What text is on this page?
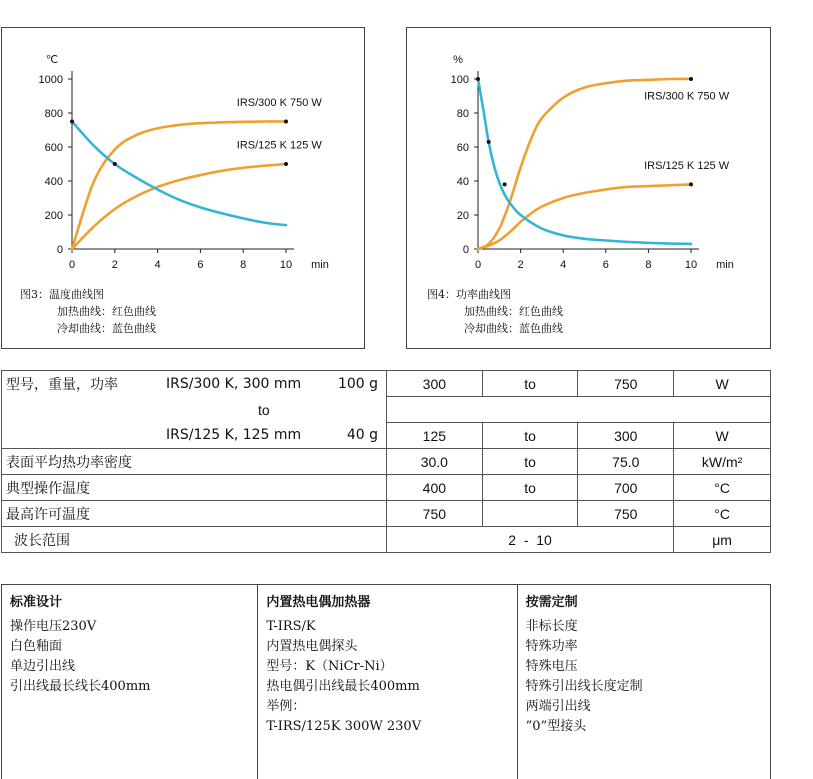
0
200
400
600
800
1000
0	2	4	6	8	10
℃
min
IRS/300 K 750 W
IRS/125 K 125 W
图3：温度曲线图
加热曲线：红色曲线
冷却曲线：蓝色曲线
0
20
40
60
80
100
0	2	4	6	8	10
%
min
IRS/300 K 750 W
IRS/125 K 125 W
图4：功率曲线图
加热曲线：红色曲线
冷却曲线：蓝色曲线
型号，重量，功率 IRS/300 K, 300 mm 100 g	300	to	750	W
to				

IRS/125 K, 125 mm 40 g	125	to	300	W
表面平均热功率密度	30.0	to	75.0	kW/m²
典型操作温度	400	to	700	°C
最高许可温度	750		750	°C
波长范围	2  -  10			μm
标准设计
操作电压230V
白色釉面
单边引出线
引出线最长线长400mm
内置热电偶加热器
T-IRS/K
内置热电偶探头
型号：K（NiCr-Ni）
热电偶引出线最长400mm
举例：
T-IRS/125K 300W 230V
按需定制
非标长度
特殊功率
特殊电压
特殊引出线长度定制
两端引出线
”0”型接头
